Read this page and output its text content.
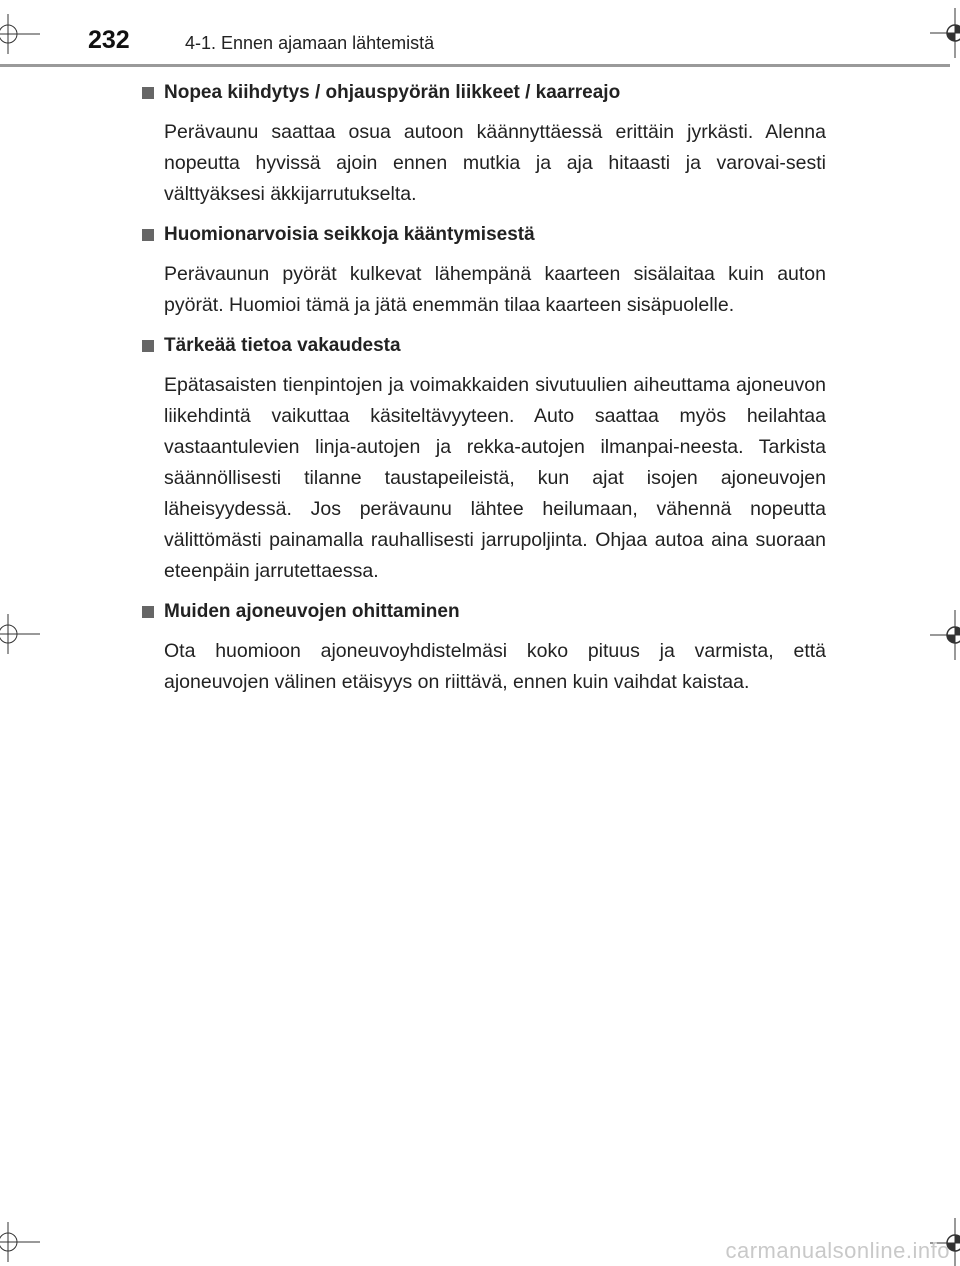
232	4-1. Ennen ajamaan lähtemistä
Nopea kiihdytys / ohjauspyörän liikkeet / kaarreajo

Perävaunu saattaa osua autoon käännyttäessä erittäin jyrkästi. Alenna nopeutta hyvissä ajoin ennen mutkia ja aja hitaasti ja varovai-sesti välttyäksesi äkkijarrutukselta.

Huomionarvoisia seikkoja kääntymisestä

Perävaunun pyörät kulkevat lähempänä kaarteen sisälaitaa kuin auton pyörät. Huomioi tämä ja jätä enemmän tilaa kaarteen sisäpuolelle.

Tärkeää tietoa vakaudesta

Epätasaisten tienpintojen ja voimakkaiden sivutuulien aiheuttama ajoneuvon liikehdintä vaikuttaa käsiteltävyyteen. Auto saattaa myös heilahtaa vastaantulevien linja-autojen ja rekka-autojen ilmanpai-neesta. Tarkista säännöllisesti tilanne taustapeileistä, kun ajat isojen ajoneuvojen läheisyydessä. Jos perävaunu lähtee heilumaan, vähennä nopeutta välittömästi painamalla rauhallisesti jarrupoljinta. Ohjaa autoa aina suoraan eteenpäin jarrutettaessa.

Muiden ajoneuvojen ohittaminen

Ota huomioon ajoneuvoyhdistelmäsi koko pituus ja varmista, että ajoneuvojen välinen etäisyys on riittävä, ennen kuin vaihdat kaistaa.

carmanualsonline.info
